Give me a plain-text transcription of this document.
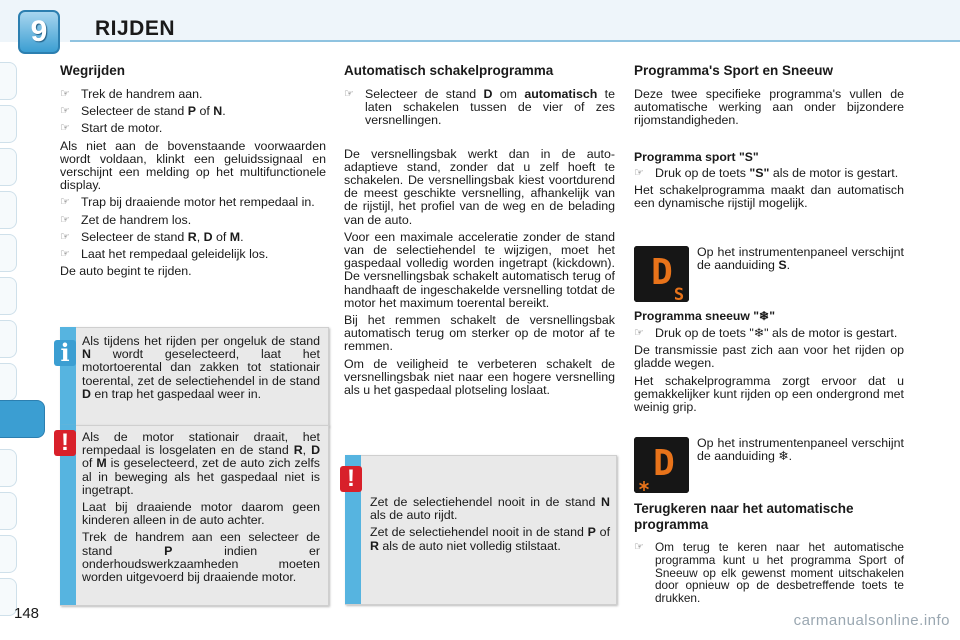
9	RIJDEN
Wegrijden

☞ Trek de handrem aan.

☞ Selecteer de stand P of N.

☞ Start de motor.

Als niet aan de bovenstaande voorwaarden wordt voldaan, klinkt een geluidssignaal en verschijnt een melding op het multifunctionele display.

☞ Trap bij draaiende motor het rempedaal in.

☞ Zet de handrem los.

☞ Selecteer de stand R, D of M.

☞ Laat het rempedaal geleidelijk los.

De auto begint te rijden.

i	Als tijdens het rijden per ongeluk de stand N wordt geselecteerd, laat het motortoerental dan zakken tot stationair toerental, zet de selectiehendel in de stand D en trap het gaspedaal weer in.

!	Als de motor stationair draait, het rempedaal is losgelaten en de stand R, D of M is geselecteerd, zet de auto zich zelfs al in beweging als het gaspedaal niet is ingetrapt.

Laat bij draaiende motor daarom geen kinderen alleen in de auto achter.

Trek de handrem aan een selecteer de stand P indien er onderhoudswerkzaamheden moeten worden uitgevoerd bij draaiende motor.

Automatisch schakelprogramma

☞ Selecteer de stand D om automatisch te laten schakelen tussen de vier of zes versnellingen.

De versnellingsbak werkt dan in de auto-adaptieve stand, zonder dat u zelf hoeft te schakelen. De versnellingsbak kiest voortdurend de meest geschikte versnelling, afhankelijk van de rijstijl, het profiel van de weg en de belading van de auto.

Voor een maximale acceleratie zonder de stand van de selectiehendel te wijzigen, moet het gaspedaal volledig worden ingetrapt (kickdown). De versnellingsbak schakelt automatisch terug of handhaaft de ingeschakelde versnelling totdat de motor het maximum toerental bereikt.

Bij het remmen schakelt de versnellingsbak automatisch terug om sterker op de motor af te remmen.

Om de veiligheid te verbeteren schakelt de versnellingsbak niet naar een hogere versnelling als u het gaspedaal plotseling loslaat.

!

Zet de selectiehendel nooit in de stand N als de auto rijdt.

Zet de selectiehendel nooit in de stand P of R als de auto niet volledig stilstaat.

Programma's Sport en Sneeuw

Deze twee specifieke programma's vullen de automatische werking aan onder bijzondere rijomstandigheden.

Programma sport "S"

☞ Druk op de toets "S" als de motor is gestart.

Het schakelprogramma maakt dan automatisch een dynamische rijstijl mogelijk.

D
S

Op het instrumentenpaneel verschijnt de aanduiding S.

Programma sneeuw "❄"

☞ Druk op de toets "❄" als de motor is gestart.

De transmissie past zich aan voor het rijden op gladde wegen.

Het schakelprogramma zorgt ervoor dat u gemakkelijker kunt rijden op een ondergrond met weinig grip.

D Op het instrumentenpaneel verschijnt de aanduiding ❄.

Terugkeren naar het automatische programma

☞ Om terug te keren naar het automatische programma kunt u het programma Sport of Sneeuw op elk gewenst moment uitschakelen door opnieuw op de desbetreffende toets te drukken.

148	carmanualsonline.info
